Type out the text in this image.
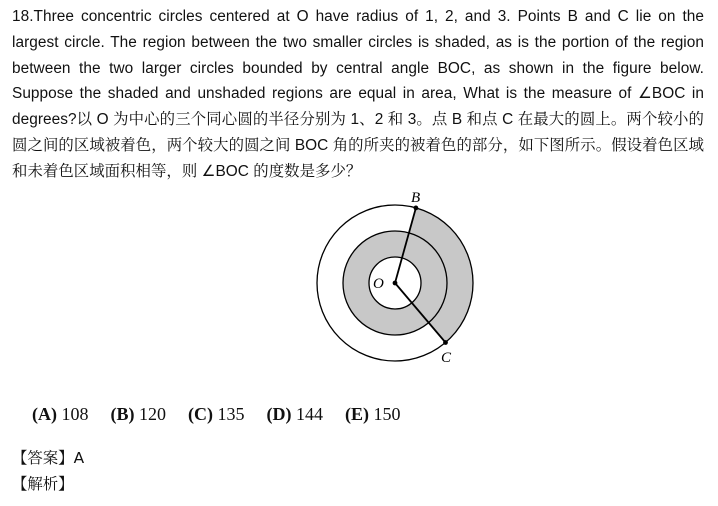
18.Three concentric circles centered at O have radius of 1, 2, and 3. Points B and C lie on the largest circle. The region between the two smaller circles is shaded, as is the portion of the region between the two larger circles bounded by central angle BOC, as shown in the figure below. Suppose the shaded and unshaded regions are equal in area, What is the measure of ∠BOC in degrees?以 O 为中心的三个同心圆的半径分别为 1、2 和 3。点 B 和点 C 在最大的圆上。两个较小的圆之间的区域被着色，两个较大的圆之间 BOC 角的所夹的被着色的部分，如下图所示。假设着色区域和未着色区域面积相等，则 ∠BOC 的度数是多少？
O
B
C
(A) 108 (B) 120 (C) 135 (D) 144 (E) 150
【答案】A
【解析】
